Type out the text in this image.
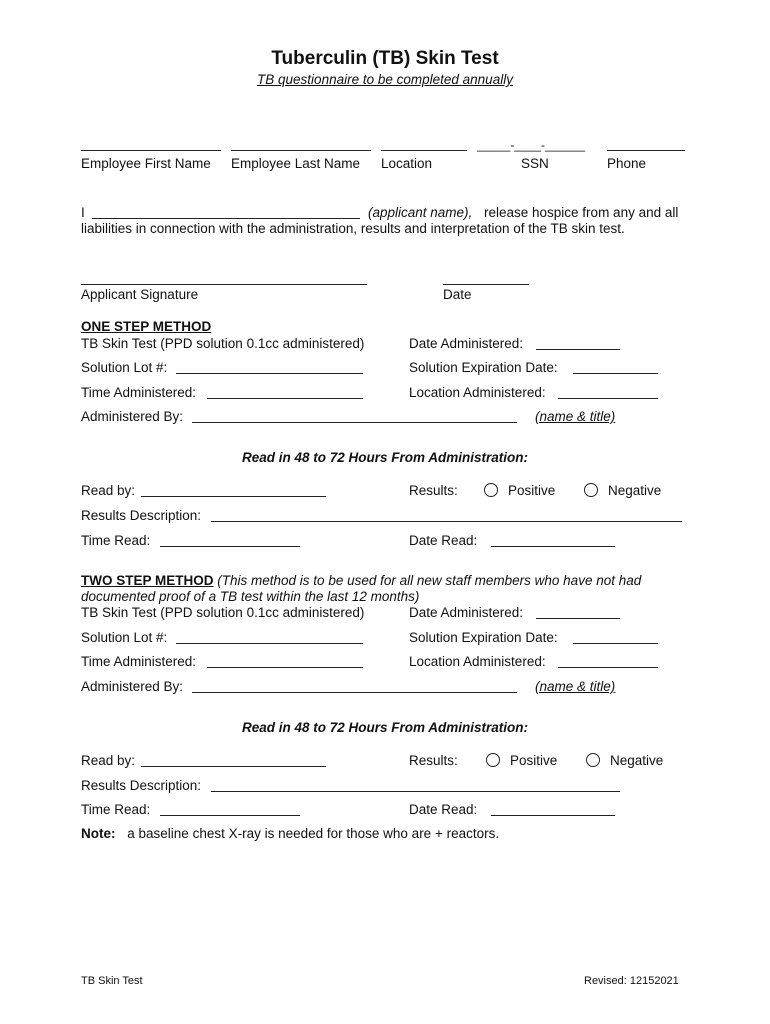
Tuberculin (TB) Skin Test
TB questionnaire to be completed annually
_____-____-______
Employee First Name Employee Last Name Location	SSN	Phone
I	(applicant name), release hospice from any and all
liabilities in connection with the administration, results and interpretation of the TB skin test.
Applicant Signature	Date
ONE STEP METHOD
TB Skin Test (PPD solution 0.1cc administered)	Date Administered:
Solution Lot #:	Solution Expiration Date:
Time Administered:	Location Administered:
Administered By:	(name & title)
Read in 48 to 72 Hours From Administration:
Read by:	Results:	Positive	Negative
Results Description:
Time Read:	Date Read:
TWO STEP METHOD (This method is to be used for all new staff members who have not had
documented proof of a TB test within the last 12 months)
TB Skin Test (PPD solution 0.1cc administered)	Date Administered:
Solution Lot #:	Solution Expiration Date:
Time Administered:	Location Administered:
Administered By:	(name & title)
Read in 48 to 72 Hours From Administration:
Read by:	Results:	Positive	Negative
Results Description:
Time Read:	Date Read:
Note: a baseline chest X-ray is needed for those who are + reactors.
TB Skin Test	Revised: 12152021
